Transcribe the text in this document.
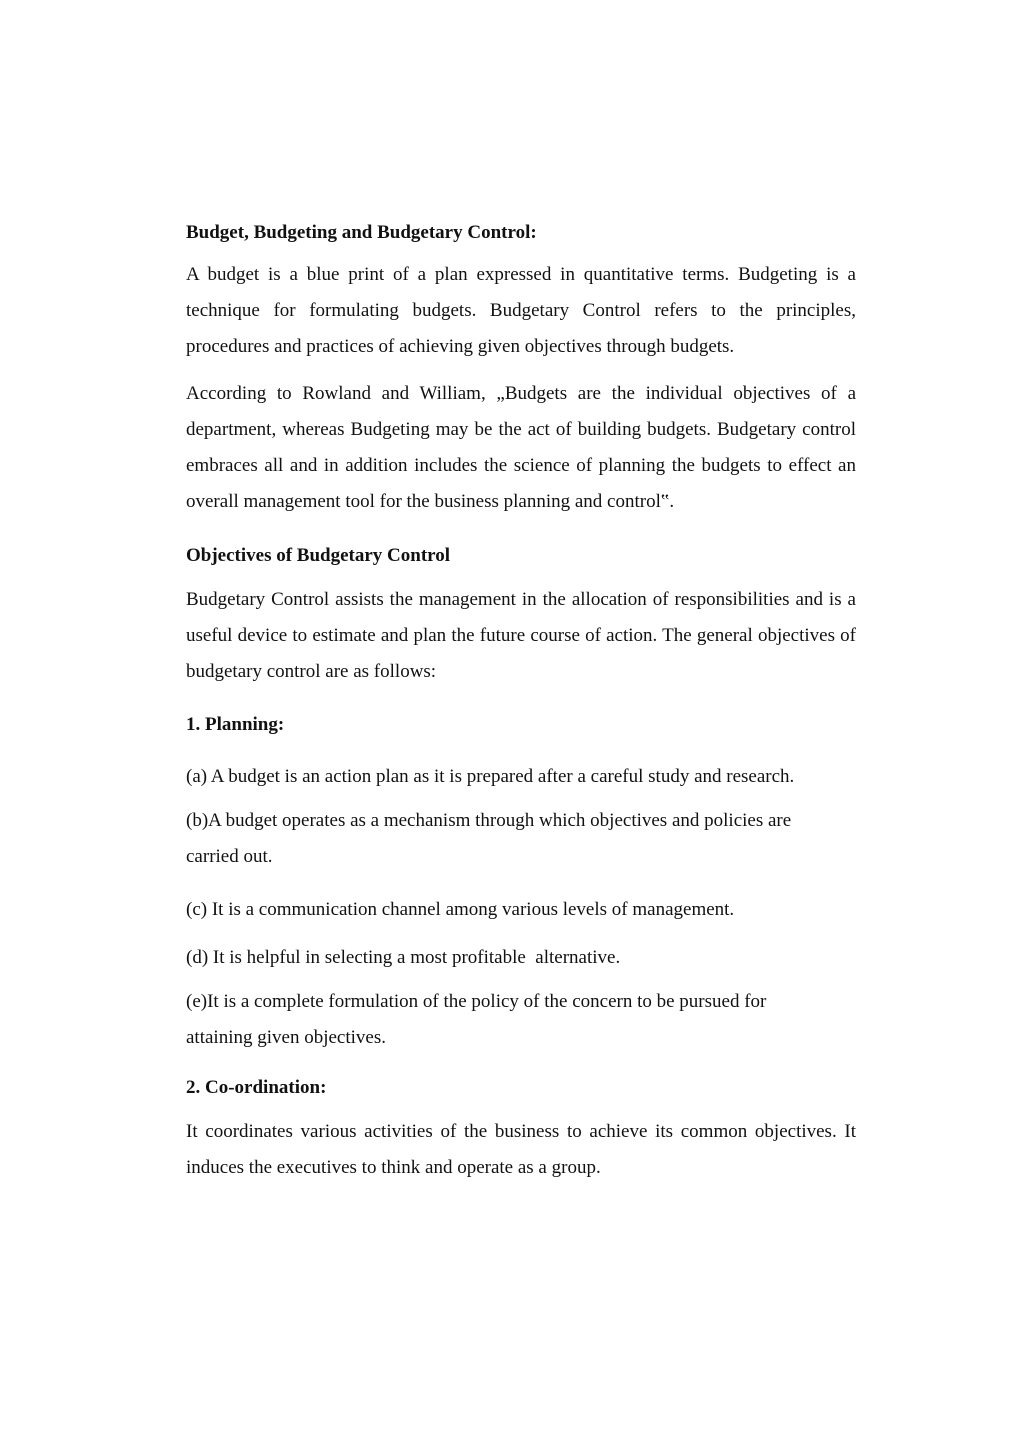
Budget, Budgeting and Budgetary Control:

A budget is a blue print of a plan expressed in quantitative terms. Budgeting is a technique for formulating budgets. Budgetary Control refers to the principles, procedures and practices of achieving given objectives through budgets.

According to Rowland and William, „Budgets are the individual objectives of a department, whereas Budgeting may be the act of building budgets. Budgetary control embraces all and in addition includes the science of planning the budgets to effect an overall management tool for the business planning and control‟.

Objectives of Budgetary Control

Budgetary Control assists the management in the allocation of responsibilities and is a useful device to estimate and plan the future course of action. The general objectives of budgetary control are as follows:

1. Planning:

(a) A budget is an action plan as it is prepared after a careful study and research.

(b)A budget operates as a mechanism through which objectives and policies are carried out.

(c) It is a communication channel among various levels of management.

(d) It is helpful in selecting a most profitable  alternative.

(e)It is a complete formulation of the policy of the concern to be pursued for attaining given objectives.

2. Co-ordination:

It coordinates various activities of the business to achieve its common objectives. It induces the executives to think and operate as a group.
